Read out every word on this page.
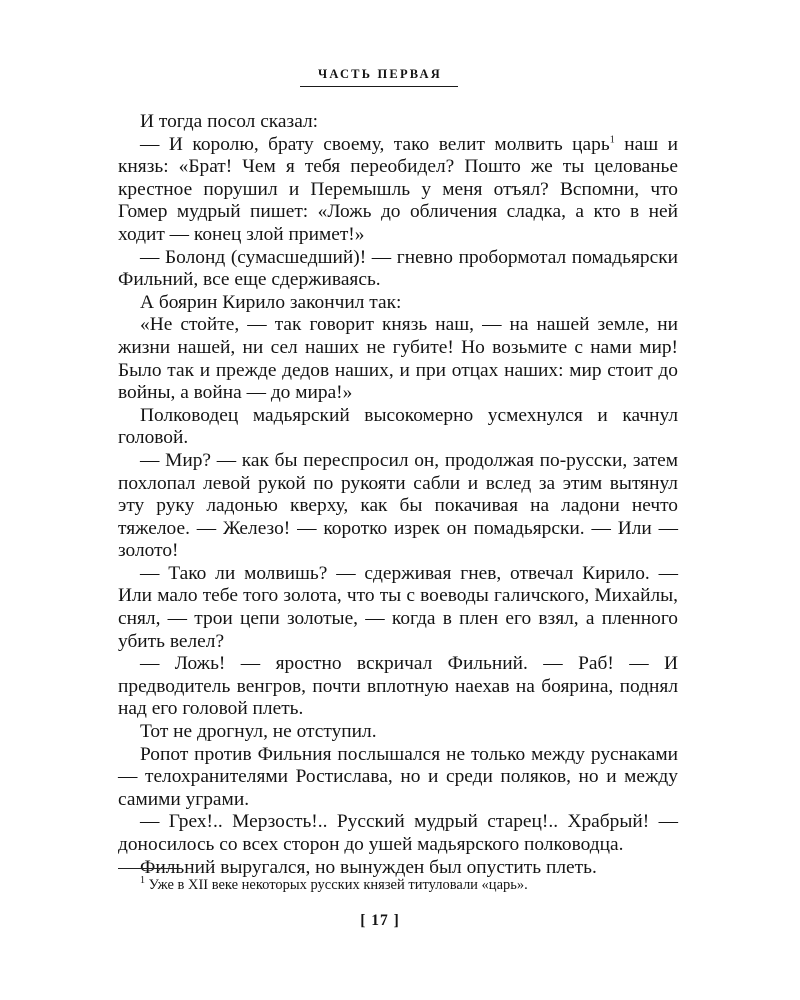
ЧАСТЬ ПЕРВАЯ

И тогда посол сказал:

— И королю, брату своему, тако велит молвить царь$^1$ наш и князь: «Брат! Чем я тебя переобидел? Пошто же ты целованье крестное порушил и Перемышль у меня отъял? Вспомни, что Гомер мудрый пишет: «Ложь до обличения сладка, а кто в ней ходит — конец злой примет!»

— Болонд (сумасшедший)! — гневно пробормотал помадьярски Фильний, все еще сдерживаясь.

А боярин Кирило закончил так:

«Не стойте, — так говорит князь наш, — на нашей земле, ни жизни нашей, ни сел наших не губите! Но возьмите с нами мир! Было так и прежде дедов наших, и при отцах наших: мир стоит до войны, а война — до мира!»

Полководец мадьярский высокомерно усмехнулся и качнул головой.

— Мир? — как бы переспросил он, продолжая по-русски, затем похлопал левой рукой по рукояти сабли и вслед за этим вытянул эту руку ладонью кверху, как бы покачивая на ладони нечто тяжелое. — Железо! — коротко изрек он помадьярски. — Или — золото!

— Тако ли молвишь? — сдерживая гнев, отвечал Кирило. — Или мало тебе того золота, что ты с воеводы галичского, Михайлы, снял, — трои цепи золотые, — когда в плен его взял, а пленного убить велел?

— Ложь! — яростно вскричал Фильний. — Раб! — И предводитель венгров, почти вплотную наехав на боярина, поднял над его головой плеть.

Тот не дрогнул, не отступил.

Ропот против Фильния послышался не только между руснаками — телохранителями Ростислава, но и среди поляков, но и между самими уграми.

— Грех!.. Мерзость!.. Русский мудрый старец!.. Храбрый! — доносилось со всех сторон до ушей мадьярского полководца.

Фильний выругался, но вынужден был опустить плеть.

$^1$ Уже в XII веке некоторых русских князей титуловали «царь».
[ 17 ]
